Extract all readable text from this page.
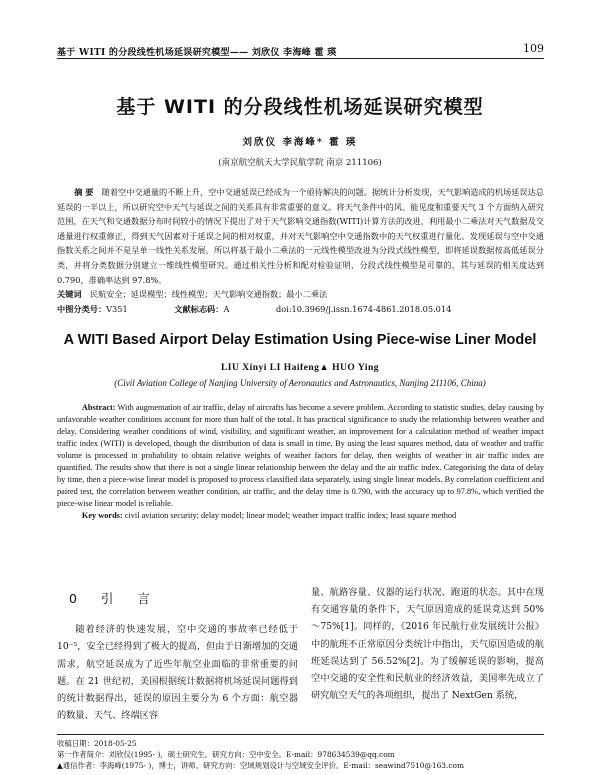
基于 WITI 的分段线性机场延误研究模型—— 刘欣仪 李海峰 霍 瑛	109
基于 WITI 的分段线性机场延误研究模型
刘欣仪 李海峰* 霍 瑛
(南京航空航天大学民航学院 南京 211106)

摘 要　 随着空中交通量的不断上升，空中交通延误已经成为一个亟待解决的问题。据统计分析发现，天气影响造成的机场延误达总延误的一半以上，所以研究空中天气与延误之间的关系具有非常重要的意义。将天气条件中的风、能见度和重要天气 3 个方面纳入研究范围，在天气和交通数据分布时间较小的情况下提出了对于天气影响交通指数(WITI)计算方法的改进，利用最小二乘法对天气数据及交通量进行权重修正，得到天气因素对于延误之间的相对权重，并对天气影响空中交通指数中的天气权重进行量化。发现延误与空中交通指数关系之间并不是呈单一线性关系发展，所以将基于最小二乘法的一元线性模型改进为分段式线性模型，即将延误数据按高低延误分类，并将分类数据分别建立一维线性模型研究。通过相关性分析和配对检验证明，分段式线性模型是可靠的，其与延误的相关度达到 0.790，准确率达到 97.8%。

关键词　 民航安全；延误模型；线性模型；天气影响交通指数；最小二乘法

中图分类号：V351	文献标志码：A	doi:10.3969/j.issn.1674-4861.2018.05.014

A WITI Based Airport Delay Estimation Using Piece-wise Liner Model
LIU Xinyi LI Haifeng▲ HUO Ying
(Civil Aviation College of Nanjing University of Aeronautics and Astronautics, Nanjing 211106, China)

Abstract: With augmentation of air traffic, delay of aircrafts has become a severe problem. According to statistic studies, delay causing by unfavorable weather conditions account for more than half of the total. It has practical significance to study the relationship between weather and delay. Considering weather conditions of wind, visibility, and significant weather, an improvement for a calculation method of weather impact traffic index (WITI) is developed, though the distribution of data is small in time. By using the least squares method, data of weather and traffic volume is processed in probability to obtain relative weights of weather factors for delay, then weights of weather in air traffic index are quantified. The results show that there is not a single linear relationship between the delay and the air traffic index. Categorising the data of delay by time, then a piece-wise linear model is proposed to process classified data separately, using single linear models. By correlation coefficient and paired test, the correlation between weather condition, air traffic, and the delay time is 0.790, with the accuracy up to 97.8%, which verified the piece-wise linear model is reliable.

Key words: civil aviation security; delay model; linear model; weather impact traffic index; least square method

0 引 言

随着经济的快速发展，空中交通的事故率已经低于 10⁻⁵，安全已经得到了极大的提高，但由于日渐增加的交通需求，航空延误成为了近些年航空业面临的非常重要的问题。在 21 世纪初，美国根据统计数据将机场延误问题得到的统计数据得出，延误的原因主要分为 6 个方面：航空器的数量、天气、终端区容

量、航路容量、仪器的运行状况、跑道的状态。其中在现有交通容量的条件下，天气原因造成的延误竟达到 50%～75%[1]。同样的，《2016 年民航行业发展统计公报》中的航班不正常原因分类统计中指出，天气原因造成的航班延误达到了 56.52%[2]。为了缓解延误的影响，提高空中交通的安全性和民航业的经济效益，美国率先成立了研究航空天气的各项组织，提出了 NextGen 系统，

收稿日期：2018-05-25

第一作者简介：刘欣仪(1995- )，硕士研究生。研究方向：空中安全。E-mail：978634539@qq.com

▲通信作者：李海峰(1975- )，博士，讲师。研究方向：空域规划设计与空域安全评价。E-mail：seawind7510@163.com
